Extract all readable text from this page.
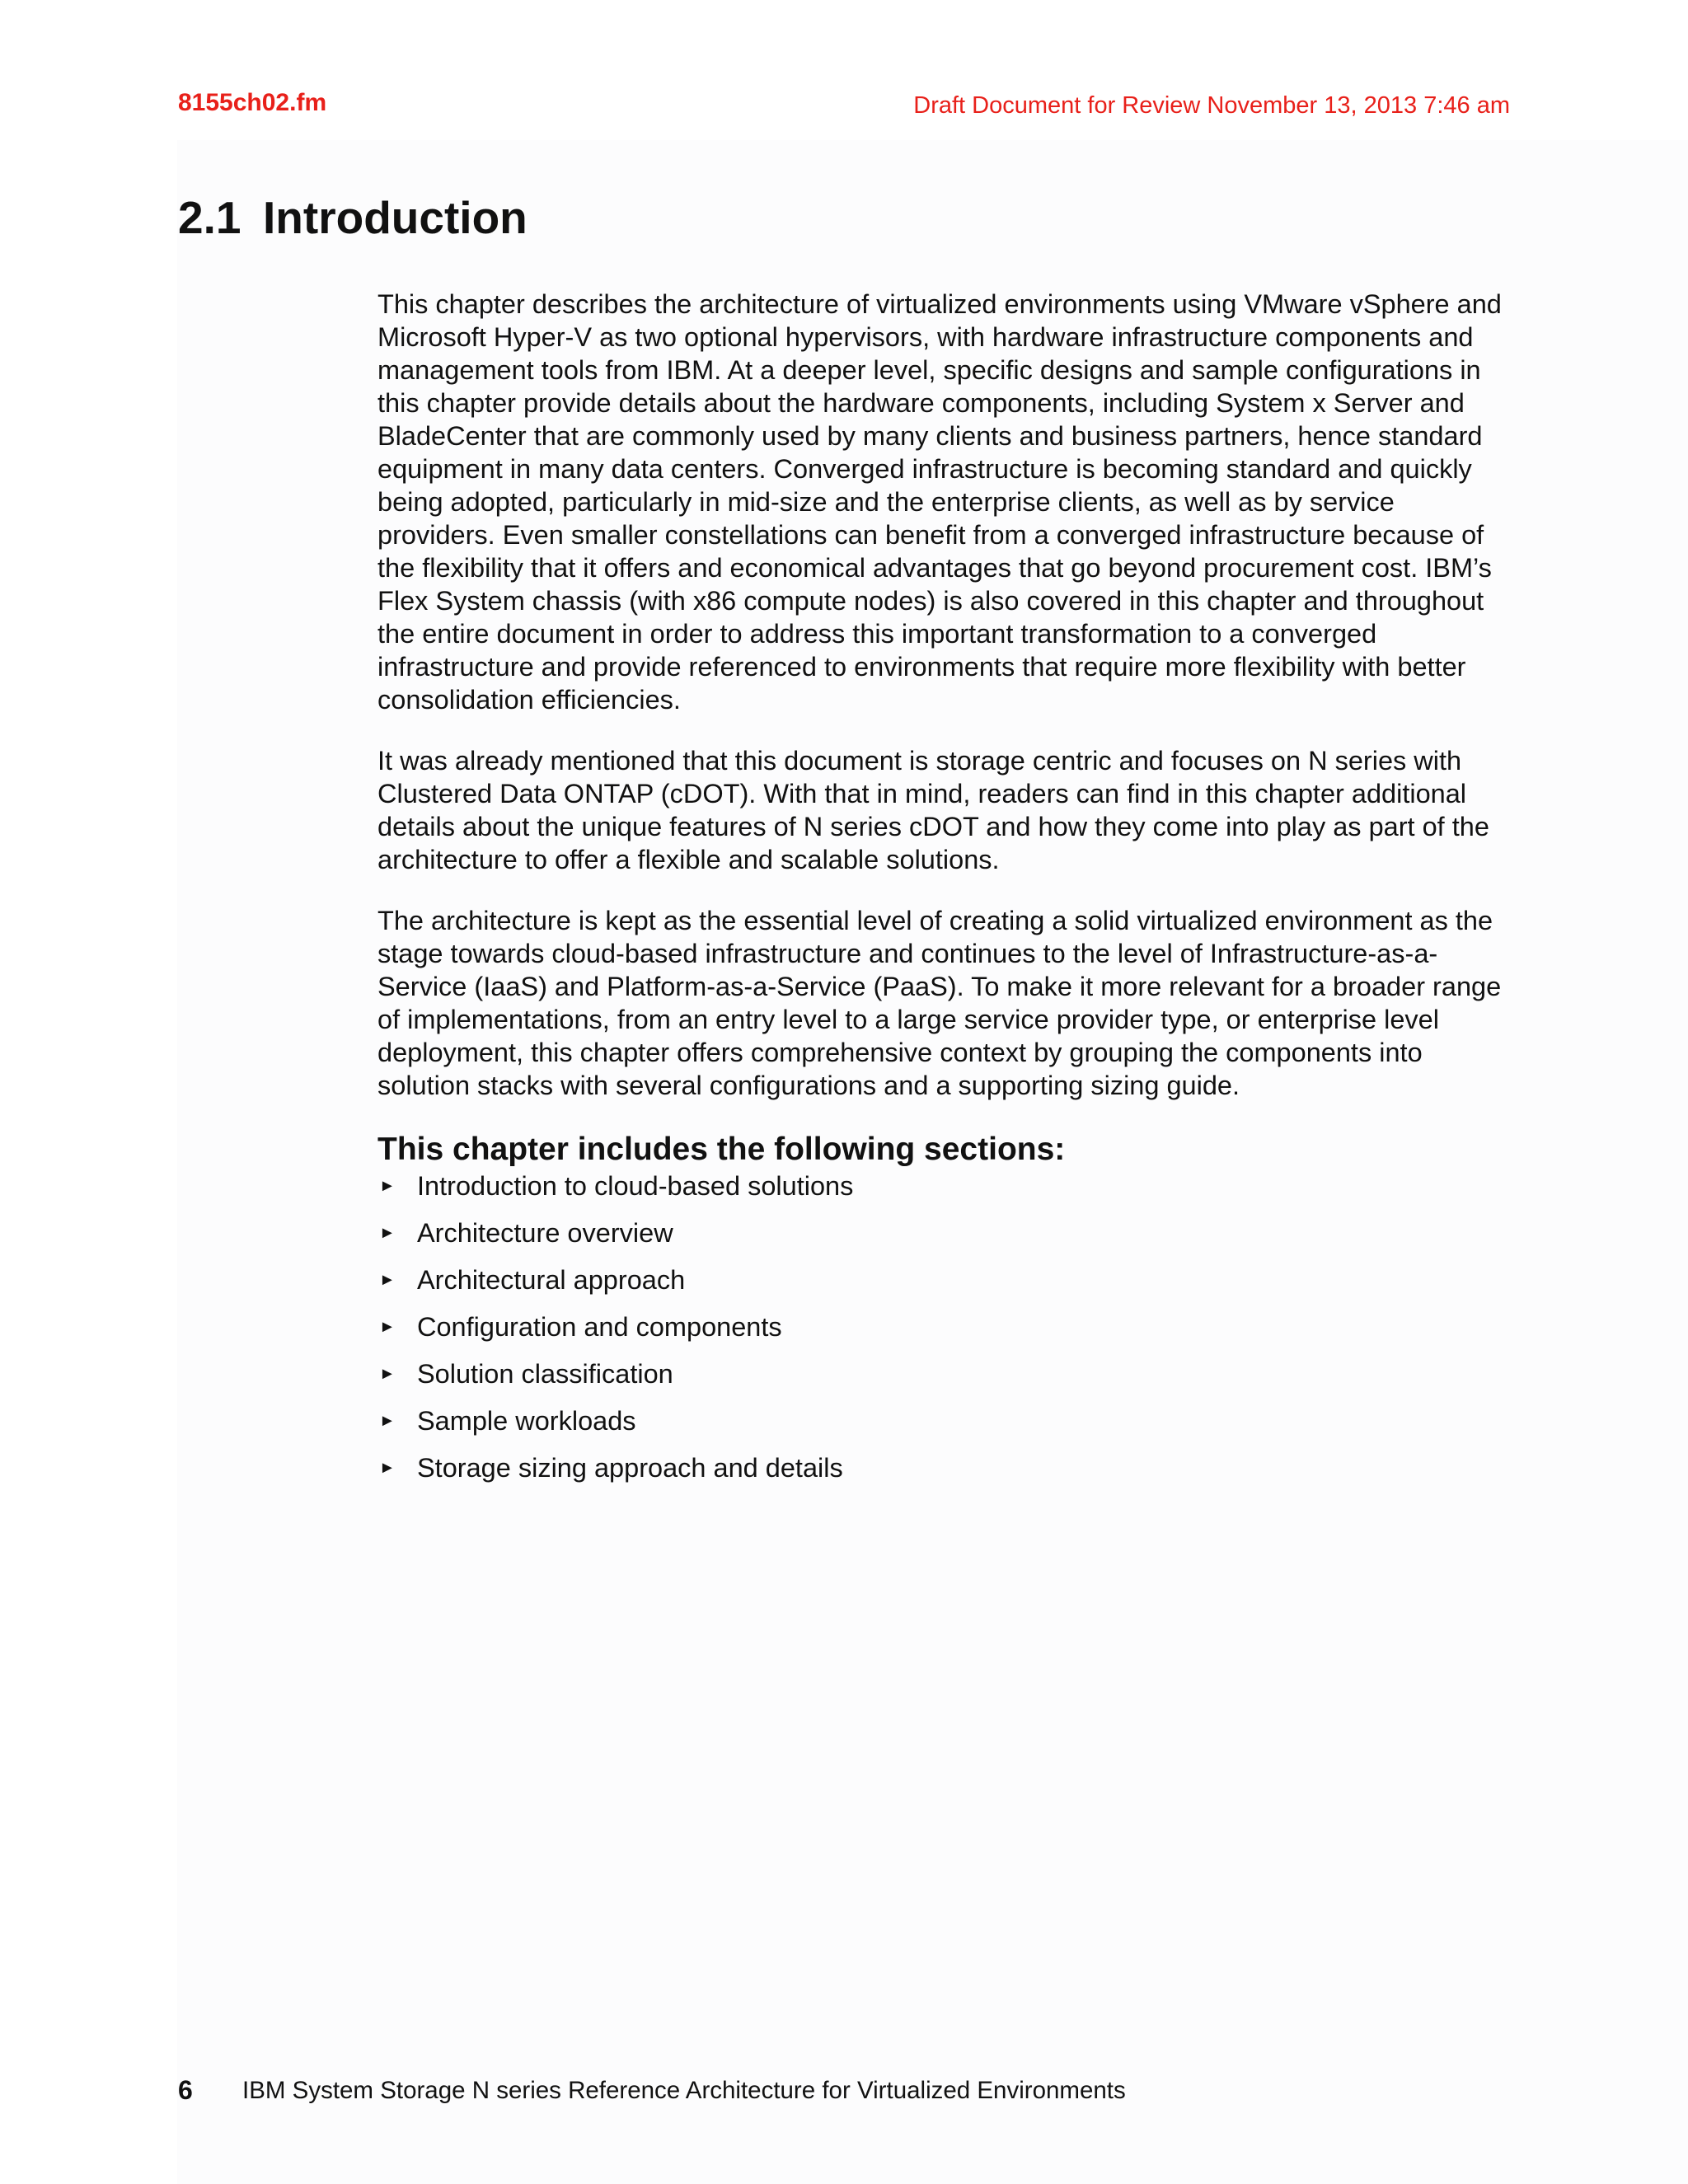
8155ch02.fm	Draft Document for Review November 13, 2013 7:46 am
2.1 Introduction

This chapter describes the architecture of virtualized environments using VMware vSphere and Microsoft Hyper-V as two optional hypervisors, with hardware infrastructure components and management tools from IBM. At a deeper level, specific designs and sample configurations in this chapter provide details about the hardware components, including System x Server and BladeCenter that are commonly used by many clients and business partners, hence standard equipment in many data centers. Converged infrastructure is becoming standard and quickly being adopted, particularly in mid-size and the enterprise clients, as well as by service providers. Even smaller constellations can benefit from a converged infrastructure because of the flexibility that it offers and economical advantages that go beyond procurement cost. IBM’s Flex System chassis (with x86 compute nodes) is also covered in this chapter and throughout the entire document in order to address this important transformation to a converged infrastructure and provide referenced to environments that require more flexibility with better consolidation efficiencies.

It was already mentioned that this document is storage centric and focuses on N series with Clustered Data ONTAP (cDOT). With that in mind, readers can find in this chapter additional details about the unique features of N series cDOT and how they come into play as part of the architecture to offer a flexible and scalable solutions.

The architecture is kept as the essential level of creating a solid virtualized environment as the stage towards cloud-based infrastructure and continues to the level of Infrastructure-as-a-Service (IaaS) and Platform-as-a-Service (PaaS). To make it more relevant for a broader range of implementations, from an entry level to a large service provider type, or enterprise level deployment, this chapter offers comprehensive context by grouping the components into solution stacks with several configurations and a supporting sizing guide.

This chapter includes the following sections:
► Introduction to cloud-based solutions
► Architecture overview
► Architectural approach
► Configuration and components
► Solution classification
► Sample workloads
► Storage sizing approach and details
6 IBM System Storage N series Reference Architecture for Virtualized Environments
